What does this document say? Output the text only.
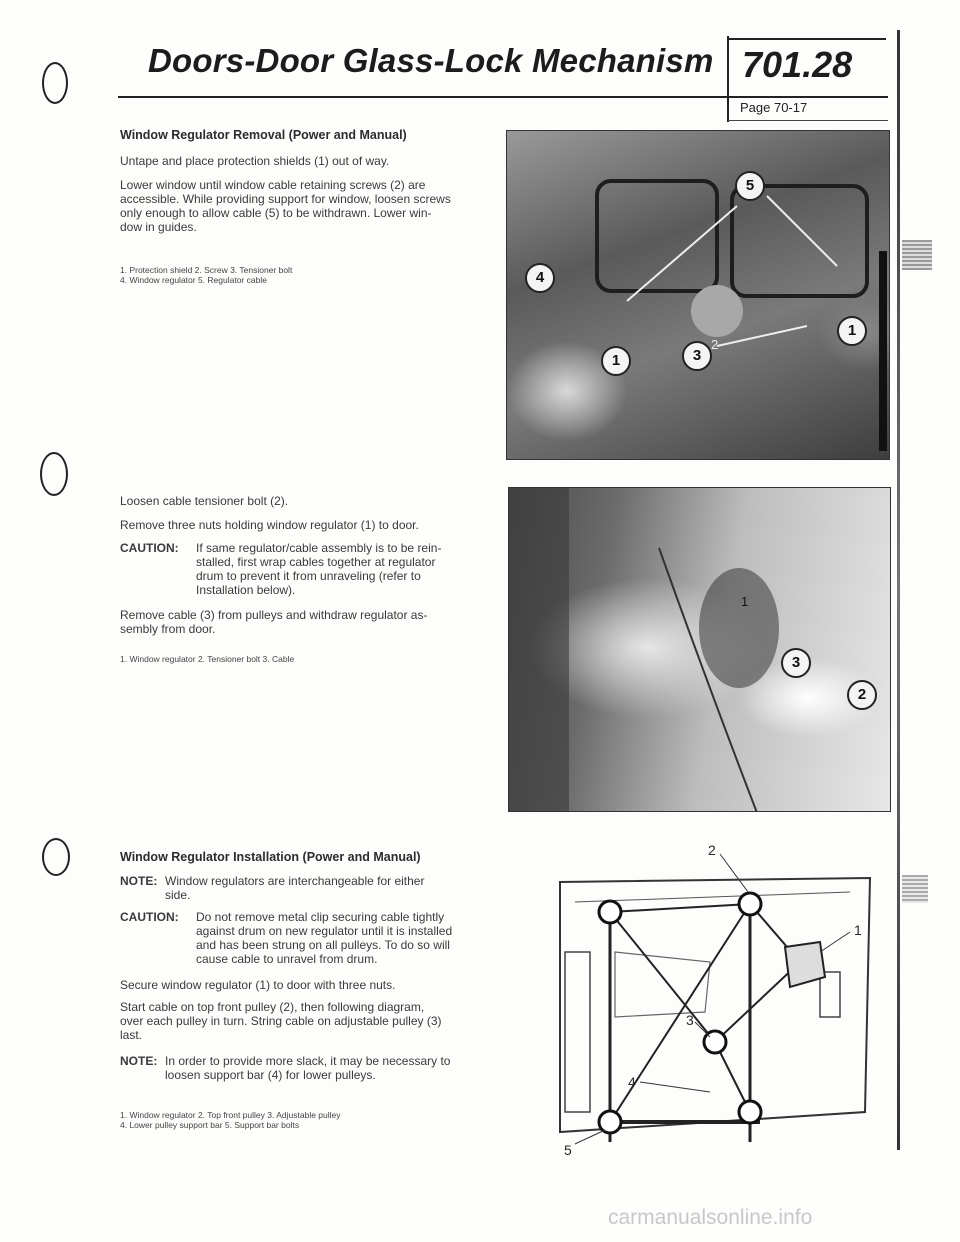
Doors-Door Glass-Lock Mechanism 701.28
Page 70-17
Window Regulator Removal (Power and Manual)
Untape and place protection shields (1) out of way.
Lower window until window cable retaining screws (2) are
accessible. While providing support for window, loosen screws
only enough to allow cable (5) to be withdrawn. Lower win-
dow in guides.
1. Protection shield 2. Screw 3. Tensioner bolt
4. Window regulator 5. Regulator cable
5
4
1
1	3
2
Loosen cable tensioner bolt (2).
Remove three nuts holding window regulator (1) to door.
CAUTION: If same regulator/cable assembly is to be rein-
stalled, first wrap cables together at regulator
drum to prevent it from unraveling (refer to
Installation below).
Remove cable (3) from pulleys and withdraw regulator as-
sembly from door.
1. Window regulator 2. Tensioner bolt 3. Cable
1
3
2
Window Regulator Installation (Power and Manual)
NOTE: Window regulators are interchangeable for either
side.
CAUTION: Do not remove metal clip securing cable tightly
against drum on new regulator until it is installed
and has been strung on all pulleys. To do so will
cause cable to unravel from drum.
Secure window regulator (1) to door with three nuts.
Start cable on top front pulley (2), then following diagram,
over each pulley in turn. String cable on adjustable pulley (3)
last.
NOTE: In order to provide more slack, it may be necessary to
loosen support bar (4) for lower pulleys.
1. Window regulator 2. Top front pulley 3. Adjustable pulley
4. Lower pulley support bar 5. Support bar bolts
2
1
3
4
5
carmanualsonline.info
